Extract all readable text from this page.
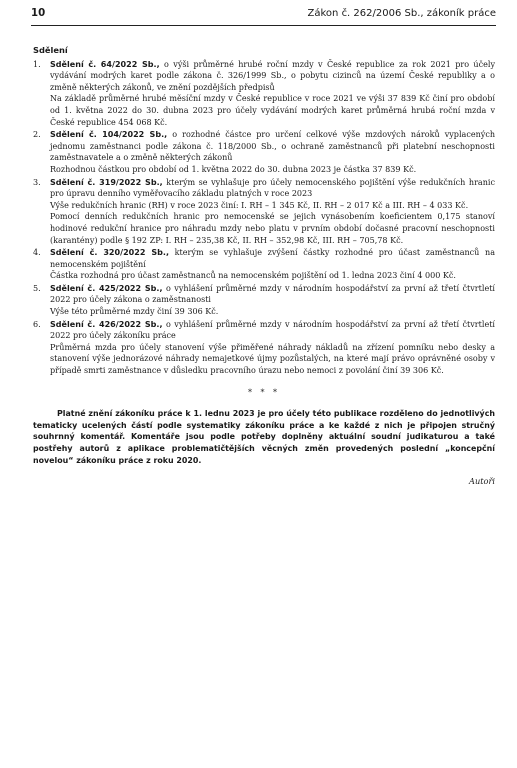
10	Zákon č. 262/2006 Sb., zákoník práce
Sdělení
1. Sdělení č. 64/2022 Sb., o výši průměrné hrubé roční mzdy v České republice za rok 2021 pro účely vydávání modrých karet podle zákona č. 326/1999 Sb., o pobytu cizinců na území České republiky a o změně některých zákonů, ve znění pozdějších předpisů

Na základě průměrné hrubé měsíční mzdy v České republice v roce 2021 ve výši 37 839 Kč činí pro období od 1. května 2022 do 30. dubna 2023 pro účely vydávání modrých karet průměrná hrubá roční mzda v České republice 454 068 Kč.

2. Sdělení č. 104/2022 Sb., o rozhodné částce pro určení celkové výše mzdových nároků vyplacených jednomu zaměstnanci podle zákona č. 118/2000 Sb., o ochraně zaměstnanců při platební neschopnosti zaměstnavatele a o změně některých zákonů

Rozhodnou částkou pro období od 1. května 2022 do 30. dubna 2023 je částka 37 839 Kč.

3. Sdělení č. 319/2022 Sb., kterým se vyhlašuje pro účely nemocenského pojištění výše redukčních hranic pro úpravu denního vyměřovacího základu platných v roce 2023

Výše redukčních hranic (RH) v roce 2023 činí: I. RH – 1 345 Kč, II. RH – 2 017 Kč a III. RH – 4 033 Kč.

Pomocí denních redukčních hranic pro nemocenské se jejich vynásobením koeficientem 0,175 stanoví hodinové redukční hranice pro náhradu mzdy nebo platu v prvním období dočasné pracovní neschopnosti (karantény) podle § 192 ZP: I. RH – 235,38 Kč, II. RH – 352,98 Kč, III. RH – 705,78 Kč.

4. Sdělení č. 320/2022 Sb., kterým se vyhlašuje zvýšení částky rozhodné pro účast zaměstnanců na nemocenském pojištění

Částka rozhodná pro účast zaměstnanců na nemocenském pojištění od 1. ledna 2023 činí 4 000 Kč.

5. Sdělení č. 425/2022 Sb., o vyhlášení průměrné mzdy v národním hospodářství za první až třetí čtvrtletí 2022 pro účely zákona o zaměstnanosti

Výše této průměrné mzdy činí 39 306 Kč.

6. Sdělení č. 426/2022 Sb., o vyhlášení průměrné mzdy v národním hospodářství za první až třetí čtvrtletí 2022 pro účely zákoníku práce

Průměrná mzda pro účely stanovení výše přiměřené náhrady nákladů na zřízení pomníku nebo desky a stanovení výše jednorázové náhrady nemajetkové újmy pozůstalých, na které mají právo oprávněné osoby v případě smrti zaměstnance v důsledku pracovního úrazu nebo nemoci z povolání činí 39 306 Kč.

* * *

Platné znění zákoníku práce k 1. lednu 2023 je pro účely této publikace rozděleno do jednotlivých tematicky ucelených částí podle systematiky zákoníku práce a ke každé z nich je připojen stručný souhrnný komentář. Komentáře jsou podle potřeby doplněny aktuální soudní judikaturou a také postřehy autorů z aplikace problematičtějších věcných změn provedených poslední „koncepční novelou“ zákoníku práce z roku 2020.

Autoři
